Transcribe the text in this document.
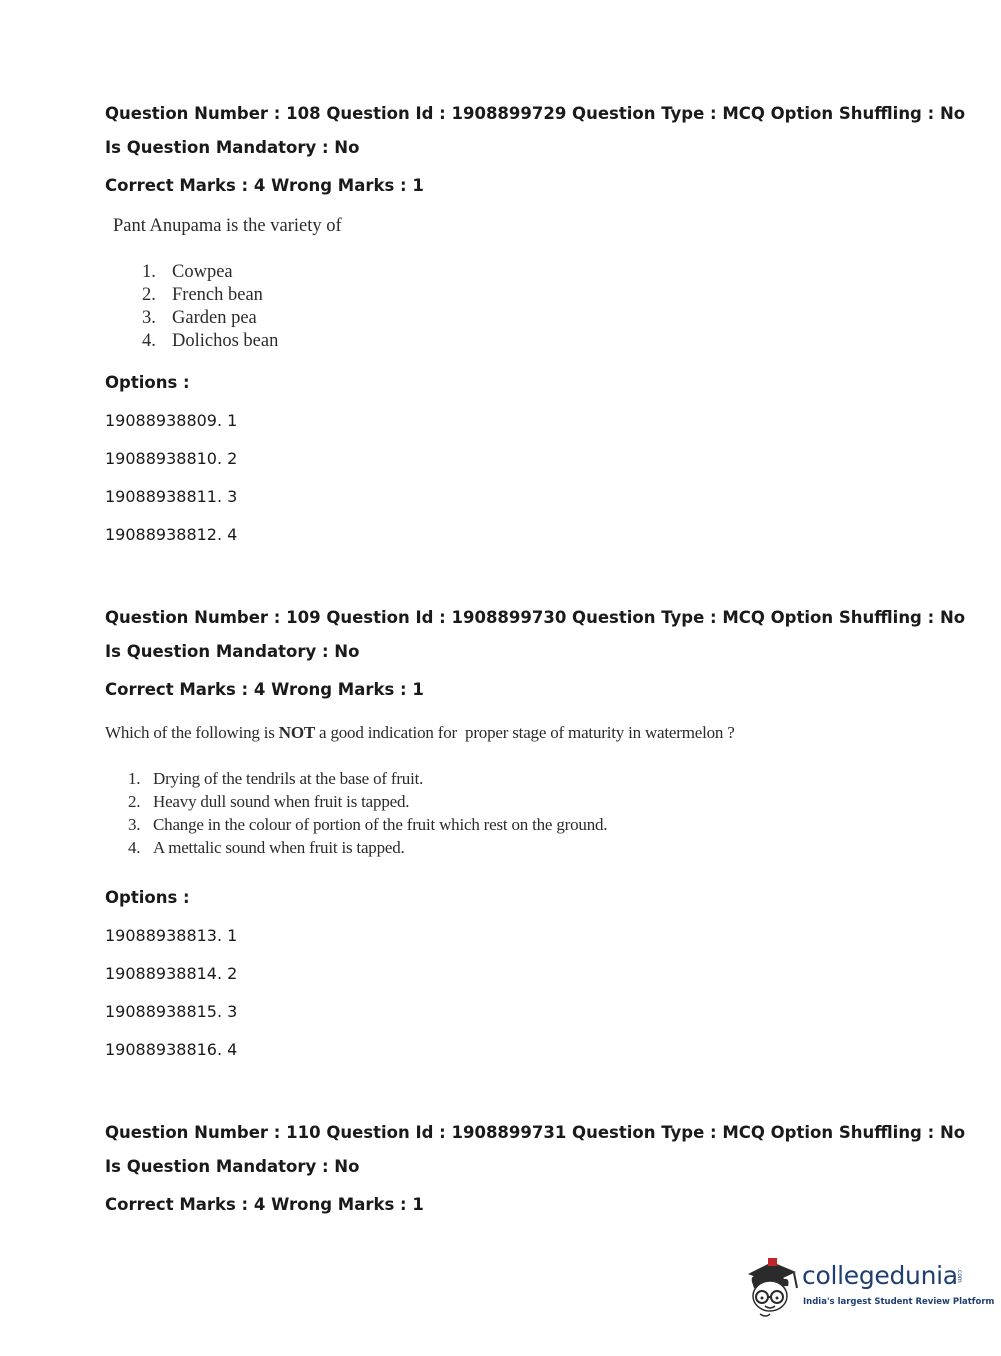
Question Number : 108 Question Id : 1908899729 Question Type : MCQ Option Shuffling : No

Is Question Mandatory : No

Correct Marks : 4 Wrong Marks : 1

Pant Anupama is the variety of

1. Cowpea
2. French bean
3. Garden pea
4. Dolichos bean

Options :

19088938809. 1

19088938810. 2

19088938811. 3

19088938812. 4

Question Number : 109 Question Id : 1908899730 Question Type : MCQ Option Shuffling : No

Is Question Mandatory : No

Correct Marks : 4 Wrong Marks : 1

Which of the following is NOT a good indication for  proper stage of maturity in watermelon ?

1. Drying of the tendrils at the base of fruit.
2. Heavy dull sound when fruit is tapped.
3. Change in the colour of portion of the fruit which rest on the ground.
4. A mettalic sound when fruit is tapped.

Options :

19088938813. 1

19088938814. 2

19088938815. 3

19088938816. 4

Question Number : 110 Question Id : 1908899731 Question Type : MCQ Option Shuffling : No

Is Question Mandatory : No

Correct Marks : 4 Wrong Marks : 1

collegedunia
.com
India's largest Student Review Platform
